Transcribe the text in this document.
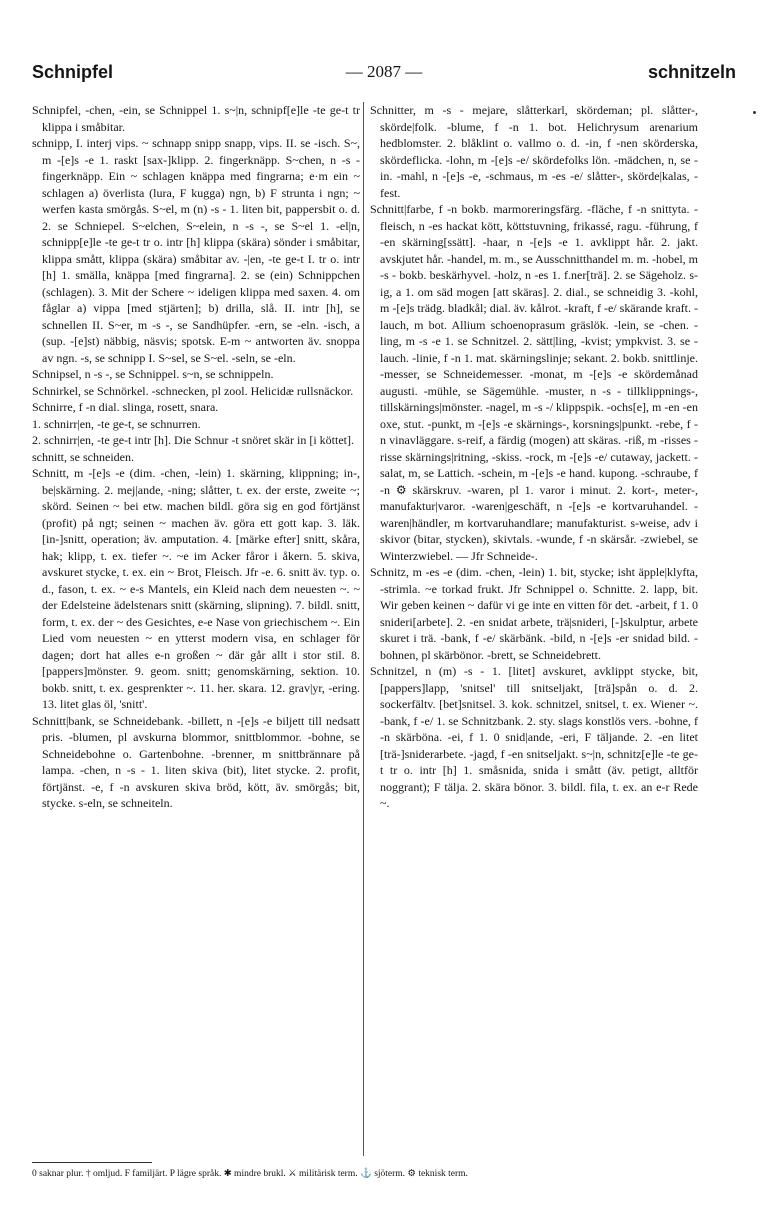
Schnipfel	— 2087 —	schnitzeln

Schnipfel, -chen, -ein, se Schnippel 1. s~|n, schnipf[e]le -te ge-t tr klippa i småbitar.

schnipp, I. interj vips. ~ schnapp snipp snapp, vips. II. se -isch. S~, m -[e]s -e 1. raskt [sax-]klipp. 2. fingerknäpp. S~chen, n -s - fingerknäpp. Ein ~ schlagen knäppa med fingrarna; e·m ein ~ schlagen a) överlista (lura, F kugga) ngn, b) F strunta i ngn; ~ werfen kasta smörgås. S~el, m (n) -s - 1. liten bit, pappersbit o. d. 2. se Schniepel. S~elchen, S~elein, n -s -, se S~el 1. -el|n, schnipp[e]le -te ge-t tr o. intr [h] klippa (skära) sönder i småbitar, klippa smått, klippa (skära) småbitar av. -|en, -te ge-t I. tr o. intr [h] 1. smälla, knäppa [med fingrarna]. 2. se (ein) Schnippchen (schlagen). 3. Mit der Schere ~ ideligen klippa med saxen. 4. om fåglar a) vippa [med stjärten]; b) drilla, slå. II. intr [h], se schnellen II. S~er, m -s -, se Sandhüpfer. -ern, se -eln. -isch, a (sup. -[e]st) näbbig, näsvis; spotsk. E-m ~ antworten äv. snoppa av ngn. -s, se schnipp I. S~sel, se S~el. -seln, se -eln.

Schnipsel, n -s -, se Schnippel. s~n, se schnippeln.

Schnirkel, se Schnörkel. -schnecken, pl zool. Helicidæ rullsnäckor.

Schnirre, f -n dial. slinga, rosett, snara.

1. schnirr|en, -te ge-t, se schnurren.

2. schnirr|en, -te ge-t intr [h]. Die Schnur -t snöret skär in [i köttet].

schnitt, se schneiden.

Schnitt, m -[e]s -e (dim. -chen, -lein) 1. skärning, klippning; in-, be|skärning. 2. mej|ande, -ning; slåtter, t. ex. der erste, zweite ~; skörd. Seinen ~ bei etw. machen bildl. göra sig en god förtjänst (profit) på ngt; seinen ~ machen äv. göra ett gott kap. 3. läk. [in-]snitt, operation; äv. amputation. 4. [märke efter] snitt, skåra, hak; klipp, t. ex. tiefer ~. ~e im Acker fåror i åkern. 5. skiva, avskuret stycke, t. ex. ein ~ Brot, Fleisch. Jfr -e. 6. snitt äv. typ. o. d., fason, t. ex. ~ e-s Mantels, ein Kleid nach dem neuesten ~. ~ der Edelsteine ädelstenars snitt (skärning, slipning). 7. bildl. snitt, form, t. ex. der ~ des Gesichtes, e-e Nase von griechischem ~. Ein Lied vom neuesten ~ en ytterst modern visa, en schlager för dagen; dort hat alles e-n großen ~ där går allt i stor stil. 8. [pappers]mönster. 9. geom. snitt; genomskärning, sektion. 10. bokb. snitt, t. ex. gesprenkter ~. 11. her. skara. 12. grav|yr, -ering. 13. litet glas öl, 'snitt'.

Schnitt|bank, se Schneidebank. -billett, n -[e]s -e biljett till nedsatt pris. -blumen, pl avskurna blommor, snittblommor. -bohne, se Schneidebohne o. Gartenbohne. -brenner, m snittbrännare på lampa. -chen, n -s - 1. liten skiva (bit), litet stycke. 2. profit, förtjänst. -e, f -n avskuren skiva bröd, kött, äv. smörgås; bit, stycke. s-eln, se schneiteln.

Schnitter, m -s - mejare, slåtterkarl, skördeman; pl. slåtter-, skörde|folk. -blume, f -n 1. bot. Helichrysum arenarium hedblomster. 2. blåklint o. vallmo o. d. -in, f -nen skörderska, skördeflicka. -lohn, m -[e]s -e/ skördefolks lön. -mädchen, n, se -in. -mahl, n -[e]s -e, -schmaus, m -es -e/ slåtter-, skörde|kalas, -fest.

Schnitt|farbe, f -n bokb. marmoreringsfärg. -fläche, f -n snittyta. -fleisch, n -es hackat kött, köttstuvning, frikassé, ragu. -führung, f -en skärning[ssätt]. -haar, n -[e]s -e 1. avklippt hår. 2. jakt. avskjutet hår. -handel, m. m., se Ausschnitthandel m. m. -hobel, m -s - bokb. beskärhyvel. -holz, n -es 1. f.ner[trä]. 2. se Sägeholz. s-ig, a 1. om säd mogen [att skäras]. 2. dial., se schneidig 3. -kohl, m -[e]s trädg. bladkål; dial. äv. kålrot. -kraft, f -e/ skärande kraft. -lauch, m bot. Allium schoenoprasum gräslök. -lein, se -chen. -ling, m -s -e 1. se Schnitzel. 2. sätt|ling, -kvist; ympkvist. 3. se -lauch. -linie, f -n 1. mat. skärningslinje; sekant. 2. bokb. snittlinje. -messer, se Schneidemesser. -monat, m -[e]s -e skördemånad augusti. -mühle, se Sägemühle. -muster, n -s - tillklippnings-, tillskärnings|mönster. -nagel, m -s -/ klippspik. -ochs[e], m -en -en oxe, stut. -punkt, m -[e]s -e skärnings-, korsnings|punkt. -rebe, f -n vinavläggare. s-reif, a färdig (mogen) att skäras. -riß, m -risses -risse skärnings|ritning, -skiss. -rock, m -[e]s -e/ cutaway, jackett. -salat, m, se Lattich. -schein, m -[e]s -e hand. kupong. -schraube, f -n ⚙ skärskruv. -waren, pl 1. varor i minut. 2. kort-, meter-, manufaktur|varor. -waren|geschäft, n -[e]s -e kortvaruhandel. -waren|händler, m kortvaruhandlare; manufakturist. s-weise, adv i skivor (bitar, stycken), skivtals. -wunde, f -n skärsår. -zwiebel, se Winterzwiebel. — Jfr Schneide-.

Schnitz, m -es -e (dim. -chen, -lein) 1. bit, stycke; isht äpple|klyfta, -strimla. ~e torkad frukt. Jfr Schnippel o. Schnitte. 2. lapp, bit. Wir geben keinen ~ dafür vi ge inte en vitten för det. -arbeit, f 1. 0 snideri[arbete]. 2. -en snidat arbete, trä|snideri, [-]skulptur, arbete skuret i trä. -bank, f -e/ skärbänk. -bild, n -[e]s -er snidad bild. -bohnen, pl skärbönor. -brett, se Schneidebrett.

Schnitzel, n (m) -s - 1. [litet] avskuret, avklippt stycke, bit, [pappers]lapp, 'snitsel' till snitseljakt, [trä]spån o. d. 2. sockerfältv. [bet]snitsel. 3. kok. schnitzel, snitsel, t. ex. Wiener ~. -bank, f -e/ 1. se Schnitzbank. 2. sty. slags konstlös vers. -bohne, f -n skärböna. -ei, f 1. 0 snid|ande, -eri, F täljande. 2. -en litet [trä-]sniderarbete. -jagd, f -en snitseljakt. s~|n, schnitz[e]le -te ge-t tr o. intr [h] 1. småsnida, snida i smått (äv. petigt, alltför noggrant); F tälja. 2. skära bönor. 3. bildl. fila, t. ex. an e-r Rede ~.

0 saknar plur. † omljud. F familjärt. P lägre språk. ✱ mindre brukl. ⚔ militärisk term. ⚓ sjöterm. ⚙ teknisk term.
